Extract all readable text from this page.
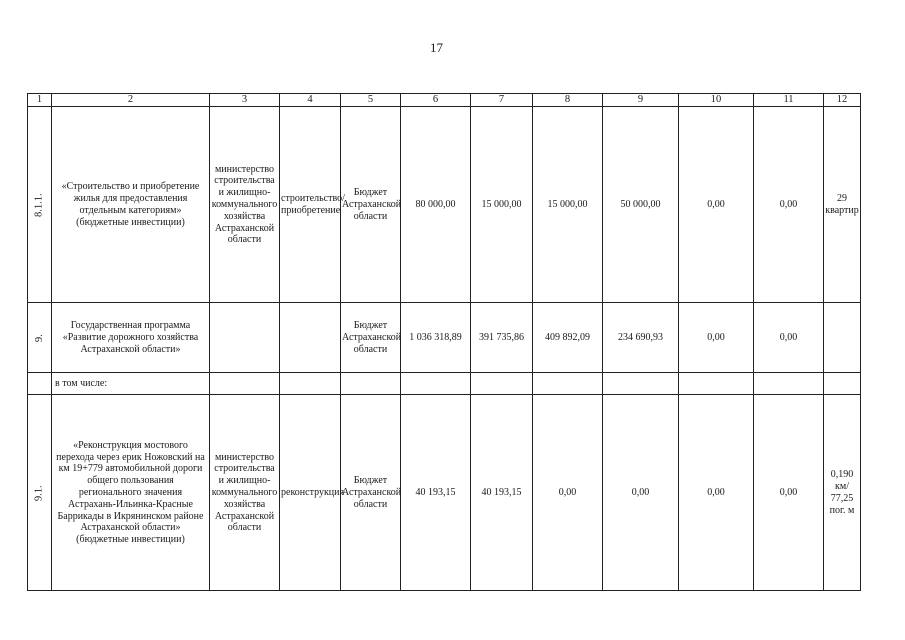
17
1	2	3	4	5	6	7	8	9	10	11	12
8.1.1.	«Строительство и приобретение жилья для предоставления отдельным категориям» (бюджетные инвестиции)	министерство строительства и жилищно-коммунального хозяйства Астраханской области	строительство/приобретение	Бюджет Астраханской области	80 000,00	15 000,00	15 000,00	50 000,00	0,00	0,00	29 квартир
9.	Государственная программа «Развитие дорожного хозяйства Астраханской области»			Бюджет Астраханской области	1 036 318,89	391 735,86	409 892,09	234 690,93	0,00	0,00	
	в том числе:										
9.1.	«Реконструкция мостового перехода через ерик Ножовский на км 19+779 автомобильной дороги общего пользования регионального значения Астрахань-Ильинка-Красные Баррикады в Икрянинском районе Астраханской области» (бюджетные инвестиции)	министерство строительства и жилищно-коммунального хозяйства Астраханской области	реконструкция	Бюджет Астраханской области	40 193,15	40 193,15	0,00	0,00	0,00	0,00	0,190 км/ 77,25 пог. м
